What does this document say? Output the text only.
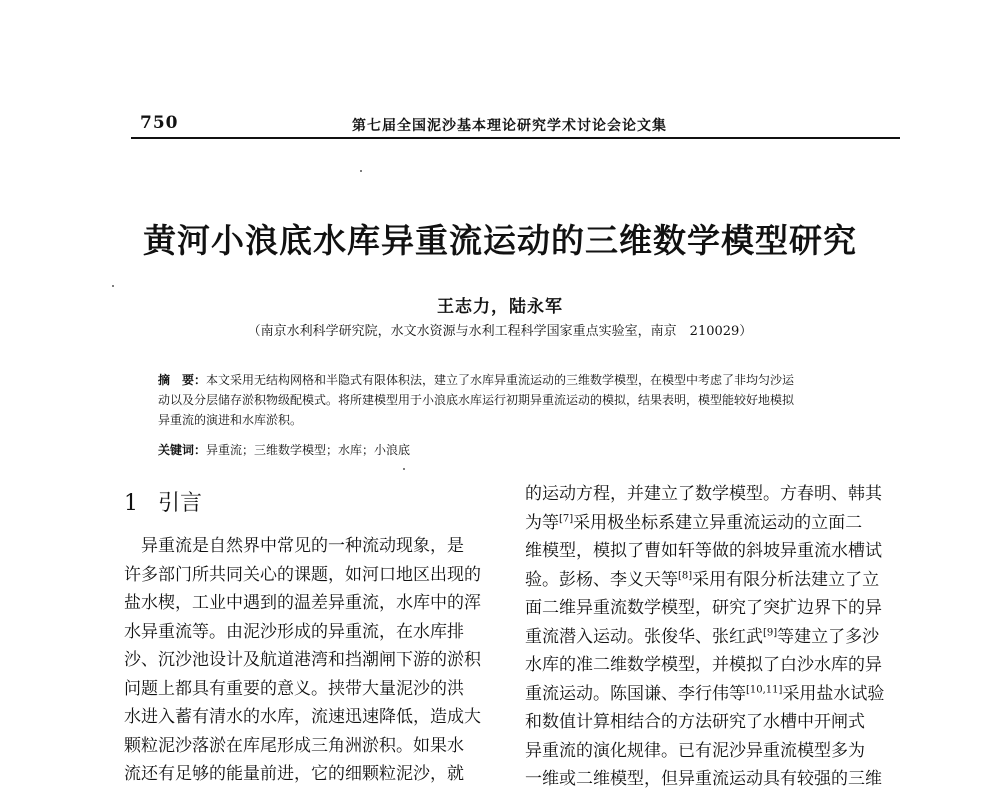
750	第七届全国泥沙基本理论研究学术讨论会论文集
黄河小浪底水库异重流运动的三维数学模型研究
王志力，陆永军
（南京水利科学研究院，水文水资源与水利工程科学国家重点实验室，南京　210029）
摘　要：本文采用无结构网格和半隐式有限体积法，建立了水库异重流运动的三维数学模型，在模型中考虑了非均匀沙运
动以及分层储存淤积物级配模式。将所建模型用于小浪底水库运行初期异重流运动的模拟，结果表明，模型能较好地模拟
异重流的演进和水库淤积。
关键词：异重流；三维数学模型；水库；小浪底
1 引言
　异重流是自然界中常见的一种流动现象，是
许多部门所共同关心的课题，如河口地区出现的
盐水楔，工业中遇到的温差异重流，水库中的浑
水异重流等。由泥沙形成的异重流，在水库排
沙、沉沙池设计及航道港湾和挡潮闸下游的淤积
问题上都具有重要的意义。挟带大量泥沙的洪
水进入蓄有清水的水库，流速迅速降低，造成大
颗粒泥沙落淤在库尾形成三角洲淤积。如果水
流还有足够的能量前进，它的细颗粒泥沙，就
的运动方程，并建立了数学模型。方春明、韩其
为等[7]采用极坐标系建立异重流运动的立面二
维模型，模拟了曹如轩等做的斜坡异重流水槽试
验。彭杨、李义天等[8]采用有限分析法建立了立
面二维异重流数学模型，研究了突扩边界下的异
重流潜入运动。张俊华、张红武[9]等建立了多沙
水库的准二维数学模型，并模拟了白沙水库的异
重流运动。陈国谦、李行伟等[10,11]采用盐水试验
和数值计算相结合的方法研究了水槽中开闸式
异重流的演化规律。已有泥沙异重流模型多为
一维或二维模型，但异重流运动具有较强的三维
